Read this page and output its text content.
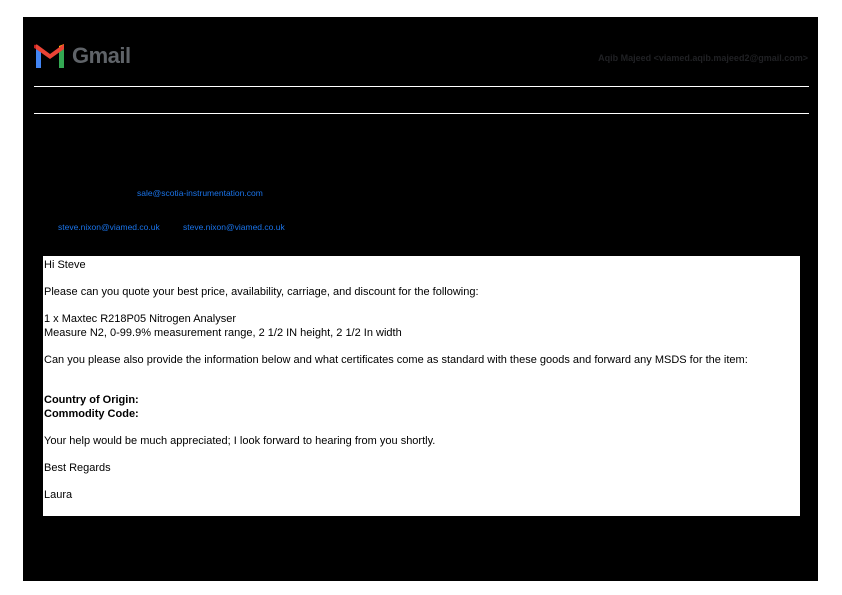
Gmail	Aqib Majeed <viamed.aqib.majeed2@gmail.com>
sale@scotia-instrumentation.com
steve.nixon@viamed.co.uk	steve.nixon@viamed.co.uk
Hi Steve
Please can you quote your best price, availability, carriage, and discount for the following:
1 x Maxtec R218P05 Nitrogen Analyser
Measure N2, 0-99.9% measurement range, 2 1/2 IN height, 2 1/2 In width
Can you please also provide the information below and what certificates come as standard with these goods and forward any MSDS for the item:
Country of Origin:
Commodity Code:
Your help would be much appreciated; I look forward to hearing from you shortly.
Best Regards
Laura
